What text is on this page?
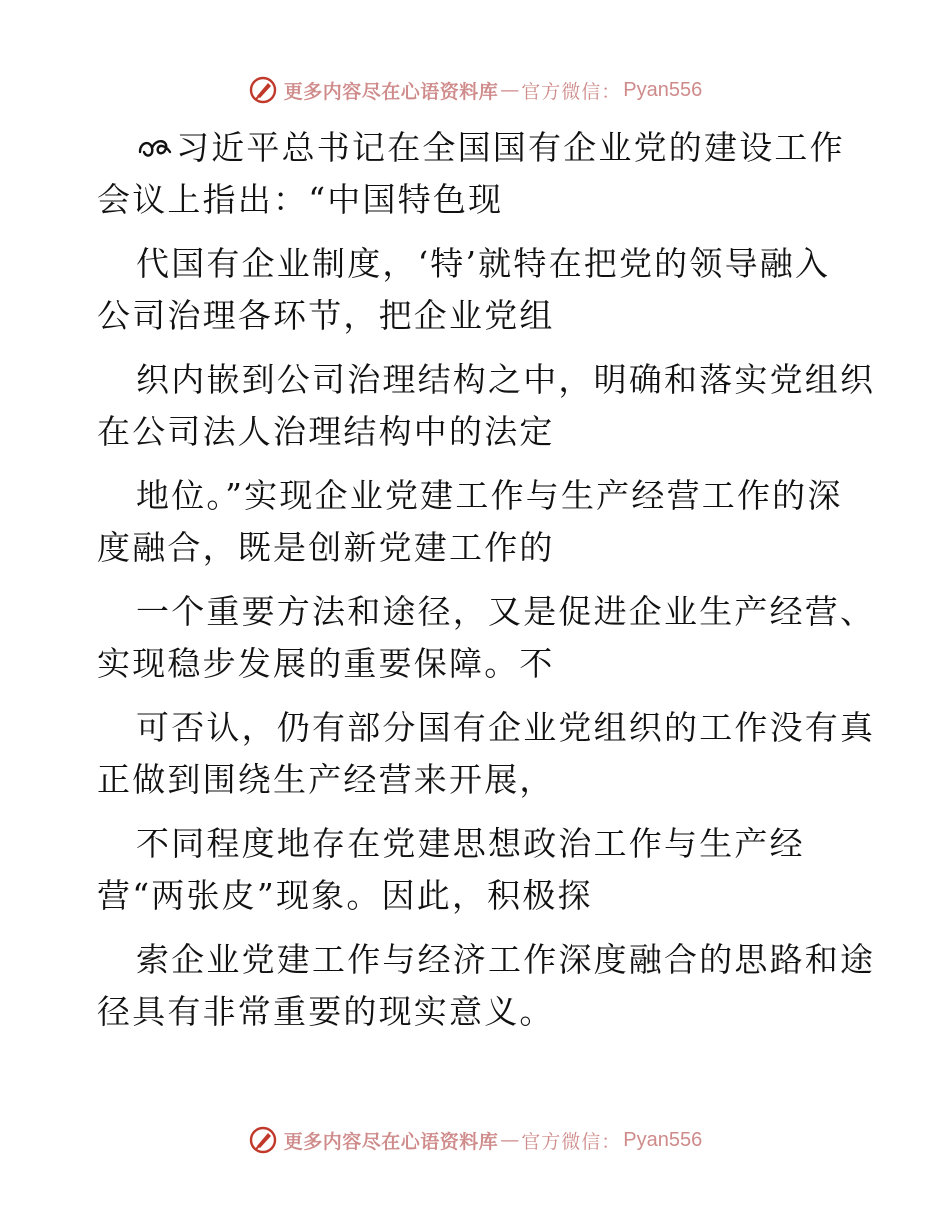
更多内容尽在心语资料库 — 官方微信： Pyan556
习近平总书记在全国国有企业党的建设工作
会议上指出：“中国特色现
代国有企业制度，‘特’就特在把党的领导融入
公司治理各环节，把企业党组
织内嵌到公司治理结构之中，明确和落实党组织
在公司法人治理结构中的法定
地位。”实现企业党建工作与生产经营工作的深
度融合，既是创新党建工作的
一个重要方法和途径，又是促进企业生产经营、
实现稳步发展的重要保障。不
可否认，仍有部分国有企业党组织的工作没有真
正做到围绕生产经营来开展，
不同程度地存在党建思想政治工作与生产经
营“两张皮”现象。因此，积极探
索企业党建工作与经济工作深度融合的思路和途
径具有非常重要的现实意义。
更多内容尽在心语资料库 — 官方微信： Pyan556
